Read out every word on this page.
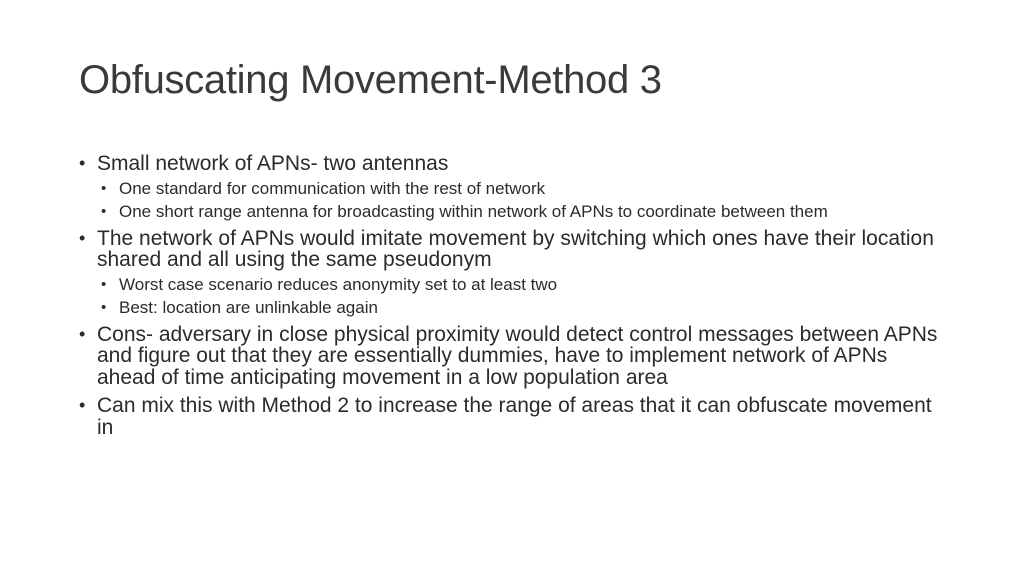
Obfuscating Movement-Method 3
• Small network of APNs- two antennas
• One standard for communication with the rest of network
• One short range antenna for broadcasting within network of APNs to coordinate between them
• The network of APNs would imitate movement by switching which ones have their location shared and all using the same pseudonym
• Worst case scenario reduces anonymity set to at least two
• Best: location are unlinkable again
• Cons- adversary in close physical proximity would detect control messages between APNs and figure out that they are essentially dummies, have to implement network of APNs ahead of time anticipating movement in a low population area
• Can mix this with Method 2 to increase the range of areas that it can obfuscate movement in
